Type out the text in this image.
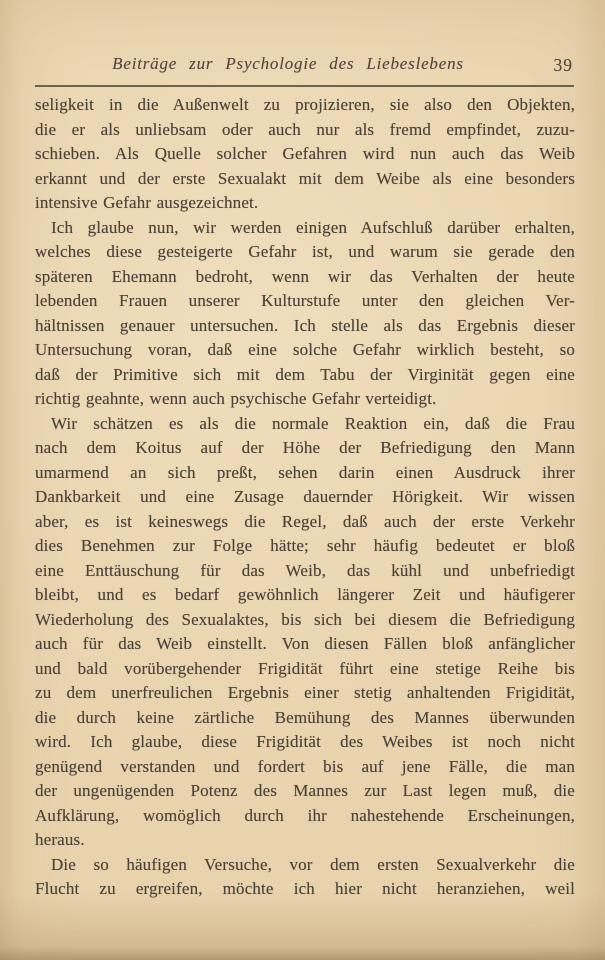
Beiträge zur Psychologie des Liebeslebens	39
seligkeit in die Außenwelt zu projizieren, sie also den Objekten,
die er als unliebsam oder auch nur als fremd empfindet, zuzu-
schieben. Als Quelle solcher Gefahren wird nun auch das Weib
erkannt und der erste Sexualakt mit dem Weibe als eine besonders
intensive Gefahr ausgezeichnet.
Ich glaube nun, wir werden einigen Aufschluß darüber erhalten,
welches diese gesteigerte Gefahr ist, und warum sie gerade den
späteren Ehemann bedroht, wenn wir das Verhalten der heute
lebenden Frauen unserer Kulturstufe unter den gleichen Ver-
hältnissen genauer untersuchen. Ich stelle als das Ergebnis dieser
Untersuchung voran, daß eine solche Gefahr wirklich besteht, so
daß der Primitive sich mit dem Tabu der Virginität gegen eine
richtig geahnte, wenn auch psychische Gefahr verteidigt.
Wir schätzen es als die normale Reaktion ein, daß die Frau
nach dem Koitus auf der Höhe der Befriedigung den Mann
umarmend an sich preßt, sehen darin einen Ausdruck ihrer
Dankbarkeit und eine Zusage dauernder Hörigkeit. Wir wissen
aber, es ist keineswegs die Regel, daß auch der erste Verkehr
dies Benehmen zur Folge hätte; sehr häufig bedeutet er bloß
eine Enttäuschung für das Weib, das kühl und unbefriedigt
bleibt, und es bedarf gewöhnlich längerer Zeit und häufigerer
Wiederholung des Sexualaktes, bis sich bei diesem die Befriedigung
auch für das Weib einstellt. Von diesen Fällen bloß anfänglicher
und bald vorübergehender Frigidität führt eine stetige Reihe bis
zu dem unerfreulichen Ergebnis einer stetig anhaltenden Frigidität,
die durch keine zärtliche Bemühung des Mannes überwunden
wird. Ich glaube, diese Frigidität des Weibes ist noch nicht
genügend verstanden und fordert bis auf jene Fälle, die man
der ungenügenden Potenz des Mannes zur Last legen muß, die
Aufklärung, womöglich durch ihr nahestehende Erscheinungen,
heraus.
Die so häufigen Versuche, vor dem ersten Sexualverkehr die
Flucht zu ergreifen, möchte ich hier nicht heranziehen, weil
